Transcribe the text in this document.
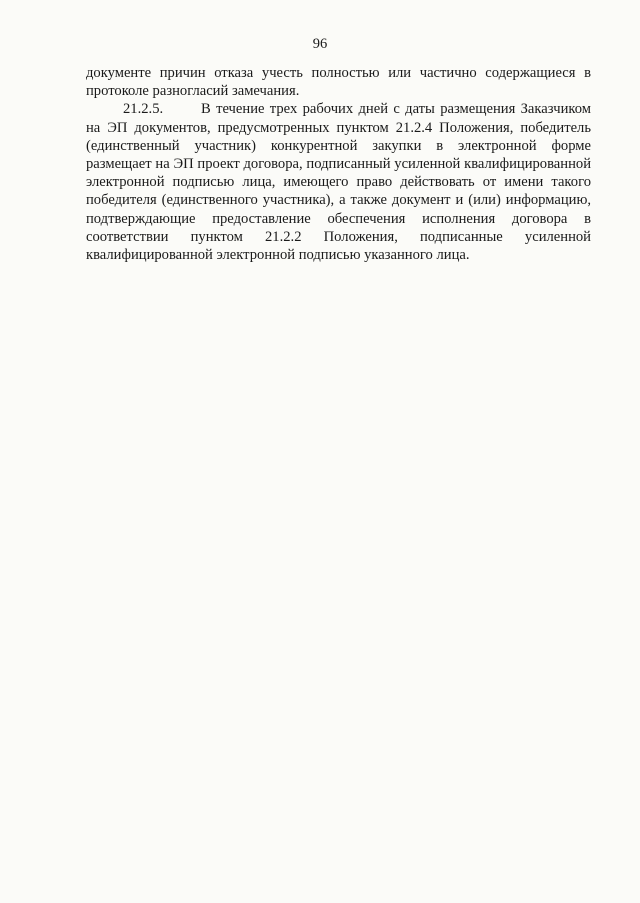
96

документе причин отказа учесть полностью или частично содержащиеся в протоколе разногласий замечания.

21.2.5.	В течение трех рабочих дней с даты размещения Заказчиком на ЭП документов, предусмотренных пунктом 21.2.4 Положения, победитель (единственный участник) конкурентной закупки в электронной форме размещает на ЭП проект договора, подписанный усиленной квалифицированной электронной подписью лица, имеющего право действовать от имени такого победителя (единственного участника), а также документ и (или) информацию, подтверждающие предоставление обеспечения исполнения договора в соответствии пунктом 21.2.2 Положения, подписанные усиленной квалифицированной электронной подписью указанного лица.
